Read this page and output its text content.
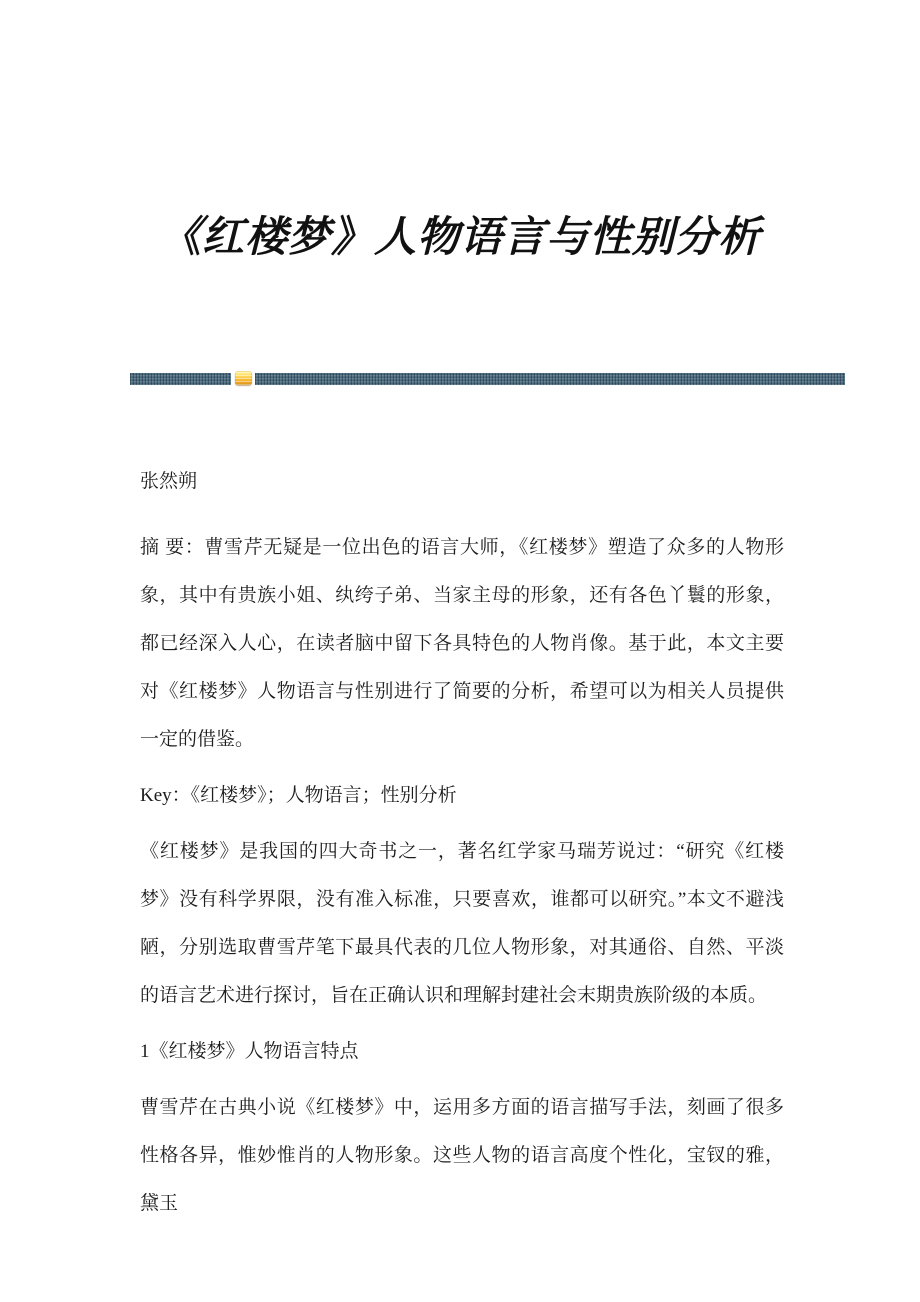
《红楼梦》人物语言与性别分析
张然朔

摘 要：曹雪芹无疑是一位出色的语言大师，《红楼梦》塑造了众多的人物形象，其中有贵族小姐、纨绔子弟、当家主母的形象，还有各色丫鬟的形象，都已经深入人心，在读者脑中留下各具特色的人物肖像。基于此，本文主要对《红楼梦》人物语言与性别进行了简要的分析，希望可以为相关人员提供一定的借鉴。

Key：《红楼梦》；人物语言；性别分析

《红楼梦》是我国的四大奇书之一，著名红学家马瑞芳说过：“研究《红楼梦》没有科学界限，没有准入标准，只要喜欢，谁都可以研究。”本文不避浅陋，分别选取曹雪芹笔下最具代表的几位人物形象，对其通俗、自然、平淡的语言艺术进行探讨，旨在正确认识和理解封建社会末期贵族阶级的本质。

1《红楼梦》人物语言特点

曹雪芹在古典小说《红楼梦》中，运用多方面的语言描写手法，刻画了很多性格各异，惟妙惟肖的人物形象。这些人物的语言高度个性化，宝钗的雅，黛玉
